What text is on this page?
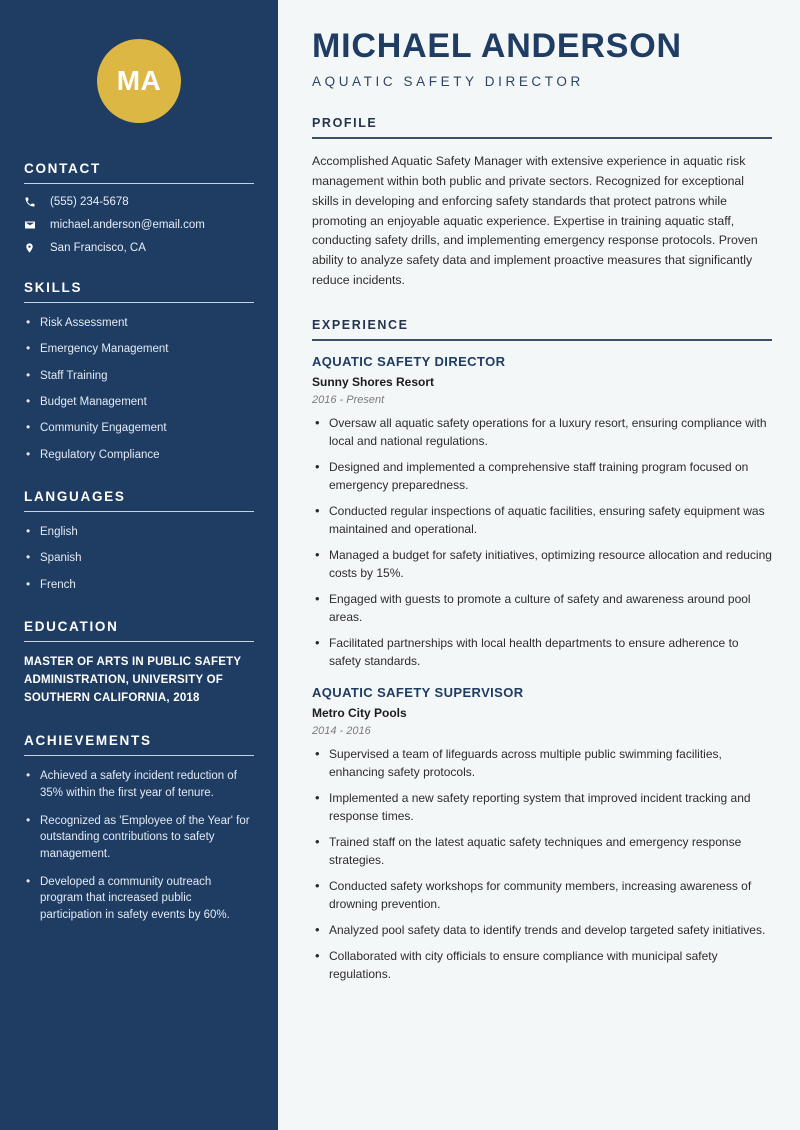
MA
CONTACT
(555) 234-5678
michael.anderson@email.com
San Francisco, CA
SKILLS
• Risk Assessment
• Emergency Management
• Staff Training
• Budget Management
• Community Engagement
• Regulatory Compliance
LANGUAGES
• English
• Spanish
• French
EDUCATION
MASTER OF ARTS IN PUBLIC SAFETY ADMINISTRATION, UNIVERSITY OF SOUTHERN CALIFORNIA, 2018
ACHIEVEMENTS
• Achieved a safety incident reduction of 35% within the first year of tenure.
• Recognized as 'Employee of the Year' for outstanding contributions to safety management.
• Developed a community outreach program that increased public participation in safety events by 60%.
MICHAEL ANDERSON
AQUATIC SAFETY DIRECTOR
PROFILE

Accomplished Aquatic Safety Manager with extensive experience in aquatic risk management within both public and private sectors. Recognized for exceptional skills in developing and enforcing safety standards that protect patrons while promoting an enjoyable aquatic experience. Expertise in training aquatic staff, conducting safety drills, and implementing emergency response protocols. Proven ability to analyze safety data and implement proactive measures that significantly reduce incidents.

EXPERIENCE
AQUATIC SAFETY DIRECTOR
Sunny Shores Resort
2016 - Present
• Oversaw all aquatic safety operations for a luxury resort, ensuring compliance with local and national regulations.
• Designed and implemented a comprehensive staff training program focused on emergency preparedness.
• Conducted regular inspections of aquatic facilities, ensuring safety equipment was maintained and operational.
• Managed a budget for safety initiatives, optimizing resource allocation and reducing costs by 15%.
• Engaged with guests to promote a culture of safety and awareness around pool areas.
• Facilitated partnerships with local health departments to ensure adherence to safety standards.
AQUATIC SAFETY SUPERVISOR
Metro City Pools
2014 - 2016
• Supervised a team of lifeguards across multiple public swimming facilities, enhancing safety protocols.
• Implemented a new safety reporting system that improved incident tracking and response times.
• Trained staff on the latest aquatic safety techniques and emergency response strategies.
• Conducted safety workshops for community members, increasing awareness of drowning prevention.
• Analyzed pool safety data to identify trends and develop targeted safety initiatives.
• Collaborated with city officials to ensure compliance with municipal safety regulations.
